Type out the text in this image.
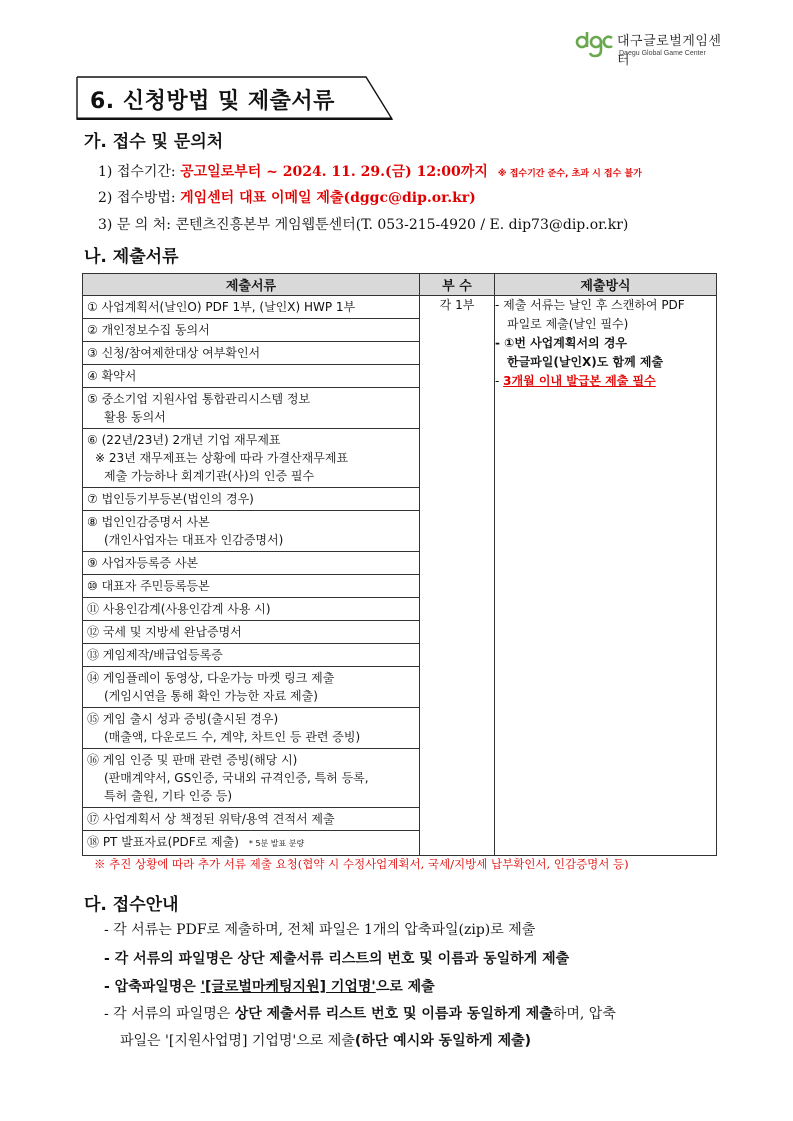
대구글로벌게임센터
Daegu Global Game Center
6. 신청방법 및 제출서류
가. 접수 및 문의처
1) 접수기간: 공고일로부터 ~ 2024. 11. 29.(금) 12:00까지 ※ 접수기간 준수, 초과 시 접수 불가
2) 접수방법: 게임센터 대표 이메일 제출(dggc@dip.or.kr)
3) 문 의 처: 콘텐츠진흥본부 게임웹툰센터(T. 053-215-4920 / E. dip73@dip.or.kr)
나. 제출서류
제출서류	부 수	제출방식
① 사업계획서(날인O) PDF 1부, (날인X) HWP 1부	각 1부	- 제출 서류는 날인 후 스캔하여 PDF
파일로 제출(날인 필수)
- ①번 사업계획서의 경우
한글파일(날인X)도 함께 제출
- 3개월 이내 발급본 제출 필수

② 개인정보수집 동의서		
③ 신청/참여제한대상 여부확인서		
④ 확약서		
⑤ 중소기업 지원사업 통합관리시스템 정보
활용 동의서		

⑥ (22년/23년) 2개년 기업 재무제표
※ 23년 재무제표는 상황에 따라 가결산재무제표
제출 가능하나 회계기관(사)의 인증 필수		

⑦ 법인등기부등본(법인의 경우)		
⑧ 법인인감증명서 사본
(개인사업자는 대표자 인감증명서)		

⑨ 사업자등록증 사본		
⑩ 대표자 주민등록등본		
⑪ 사용인감계(사용인감계 사용 시)		
⑫ 국세 및 지방세 완납증명서		
⑬ 게임제작/배급업등록증		
⑭ 게임플레이 동영상, 다운가능 마켓 링크 제출
(게임시연을 통해 확인 가능한 자료 제출)		

⑮ 게임 출시 성과 증빙(출시된 경우)
(매출액, 다운로드 수, 계약, 차트인 등 관련 증빙)		

⑯ 게임 인증 및 판매 관련 증빙(해당 시)
(판매계약서, GS인증, 국내외 규격인증, 특허 등록,
특허 출원, 기타 인증 등)		

⑰ 사업계획서 상 책정된 위탁/용역 견적서 제출		
⑱ PT 발표자료(PDF로 제출) * 5분 발표 분량		
※ 추진 상황에 따라 추가 서류 제출 요청(협약 시 수정사업계획서, 국세/지방세 납부확인서, 인감증명서 등)
다. 접수안내
- 각 서류는 PDF로 제출하며, 전체 파일은 1개의 압축파일(zip)로 제출
- 각 서류의 파일명은 상단 제출서류 리스트의 번호 및 이름과 동일하게 제출
- 압축파일명은 '[글로벌마케팅지원] 기업명'으로 제출
- 각 서류의 파일명은 상단 제출서류 리스트 번호 및 이름과 동일하게 제출하며, 압축
파일은 '[지원사업명] 기업명'으로 제출(하단 예시와 동일하게 제출)
